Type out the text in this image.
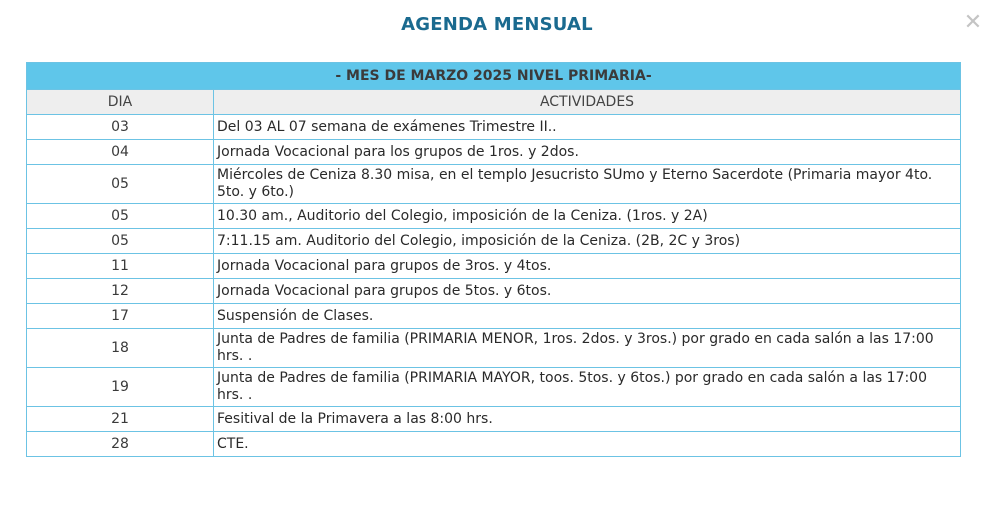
AGENDA MENSUAL	✕
- MES DE MARZO 2025 NIVEL PRIMARIA-	
DIA	ACTIVIDADES
03	Del 03 AL 07 semana de exámenes Trimestre II..
04	Jornada Vocacional para los grupos de 1ros. y 2dos.
05	Miércoles de Ceniza 8.30 misa, en el templo Jesucristo SUmo y Eterno Sacerdote (Primaria mayor 4to. 5to. y 6to.)
05	10.30 am., Auditorio del Colegio, imposición de la Ceniza. (1ros. y 2A)
05	7:11.15 am. Auditorio del Colegio, imposición de la Ceniza. (2B, 2C y 3ros)
11	Jornada Vocacional para grupos de 3ros. y 4tos.
12	Jornada Vocacional para grupos de 5tos. y 6tos.
17	Suspensión de Clases.
18	Junta de Padres de familia (PRIMARIA MENOR, 1ros. 2dos. y 3ros.) por grado en cada salón a las 17:00 hrs. .
19	Junta de Padres de familia (PRIMARIA MAYOR, toos. 5tos. y 6tos.) por grado en cada salón a las 17:00 hrs. .
21	Fesitival de la Primavera a las 8:00 hrs.
28	CTE.
